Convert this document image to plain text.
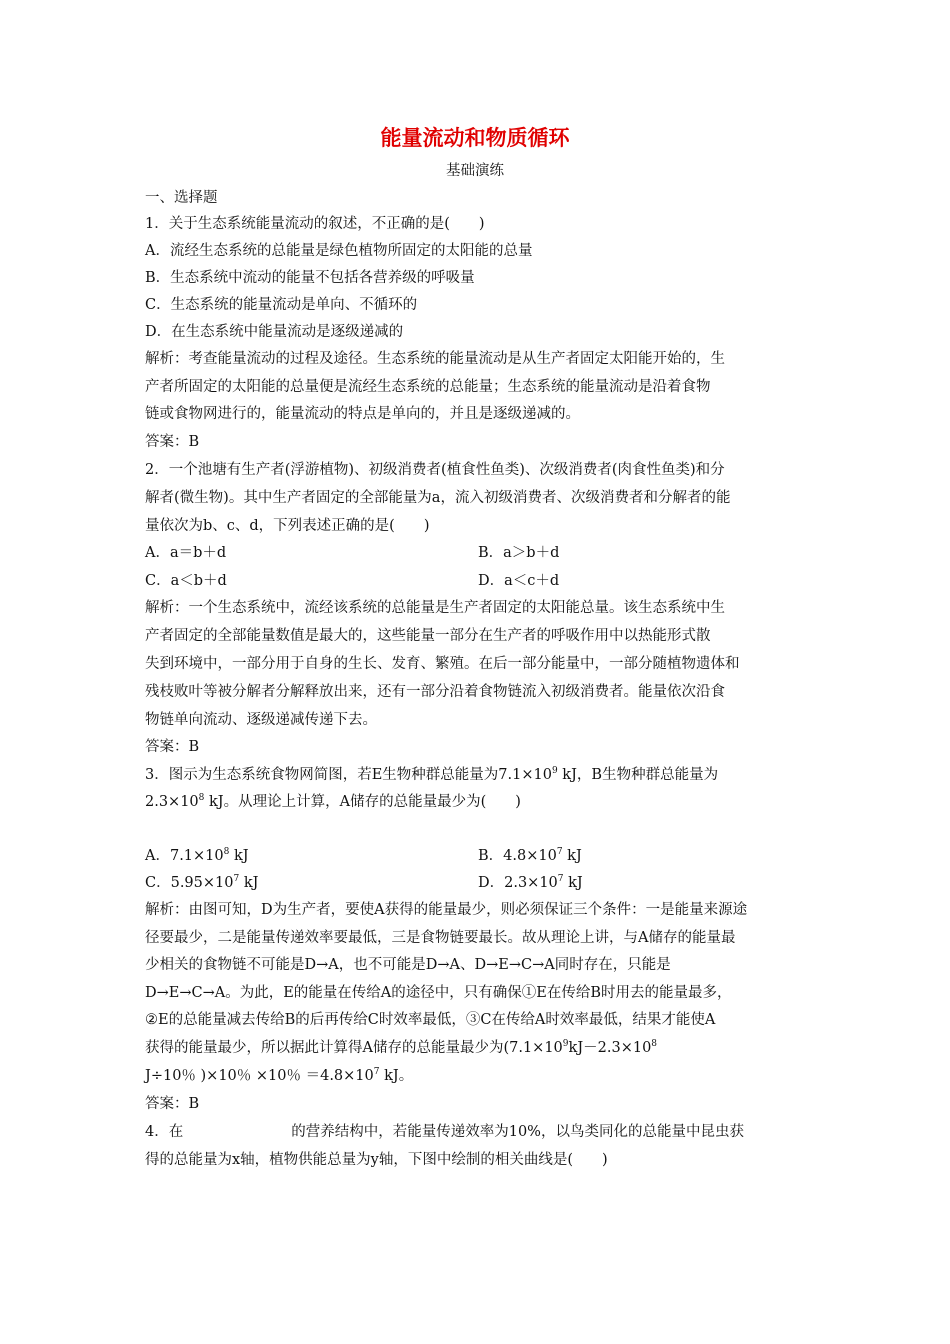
能量流动和物质循环
基础演练
一、选择题
1．关于生态系统能量流动的叙述，不正确的是(　　)
A．流经生态系统的总能量是绿色植物所固定的太阳能的总量
B．生态系统中流动的能量不包括各营养级的呼吸量
C．生态系统的能量流动是单向、不循环的
D．在生态系统中能量流动是逐级递减的
解析：考查能量流动的过程及途径。生态系统的能量流动是从生产者固定太阳能开始的，生
产者所固定的太阳能的总量便是流经生态系统的总能量；生态系统的能量流动是沿着食物
链或食物网进行的，能量流动的特点是单向的，并且是逐级递减的。
答案：B
2．一个池塘有生产者(浮游植物)、初级消费者(植食性鱼类)、次级消费者(肉食性鱼类)和分
解者(微生物)。其中生产者固定的全部能量为a，流入初级消费者、次级消费者和分解者的能
量依次为b、c、d，下列表述正确的是(　　)
A．a＝b＋d	B．a＞b＋d
C．a＜b＋d	D．a＜c＋d
解析：一个生态系统中，流经该系统的总能量是生产者固定的太阳能总量。该生态系统中生
产者固定的全部能量数值是最大的，这些能量一部分在生产者的呼吸作用中以热能形式散
失到环境中，一部分用于自身的生长、发育、繁殖。在后一部分能量中，一部分随植物遗体和
残枝败叶等被分解者分解释放出来，还有一部分沿着食物链流入初级消费者。能量依次沿食
物链单向流动、逐级递减传递下去。
答案：B
3．图示为生态系统食物网简图，若E生物种群总能量为$7.1\times 10^9$ kJ，B生物种群总能量为
$2.3\times 10^8$ kJ。从理论上计算，A储存的总能量最少为(　　)
A．$7.1\times 10^8$ kJ	B．$4.8\times 10^7$ kJ
C．$5.95\times 10^7$ kJ	D．$2.3\times 10^7$ kJ
解析：由图可知，D为生产者，要使A获得的能量最少，则必须保证三个条件：一是能量来源途
径要最少，二是能量传递效率要最低，三是食物链要最长。故从理论上讲，与A储存的能量最
少相关的食物链不可能是D→A，也不可能是D→A、D→E→C→A同时存在，只能是
D→E→C→A。为此，E的能量在传给A的途径中，只有确保①E在传给B时用去的能量最多，
②E的总能量减去传给B的后再传给C时效率最低，③C在传给A时效率最低，结果才能使A
获得的能量最少，所以据此计算得A储存的总能量最少为($7.1\times 10^9kJ-2.3\times 10^8$
J÷10％ )×10％ ×10％ $=4.8\times 10^7$ kJ。
答案：B
4．在	的营养结构中，若能量传递效率为10%，以鸟类同化的总能量中昆虫获
得的总能量为x轴，植物供能总量为y轴，下图中绘制的相关曲线是(　　)
